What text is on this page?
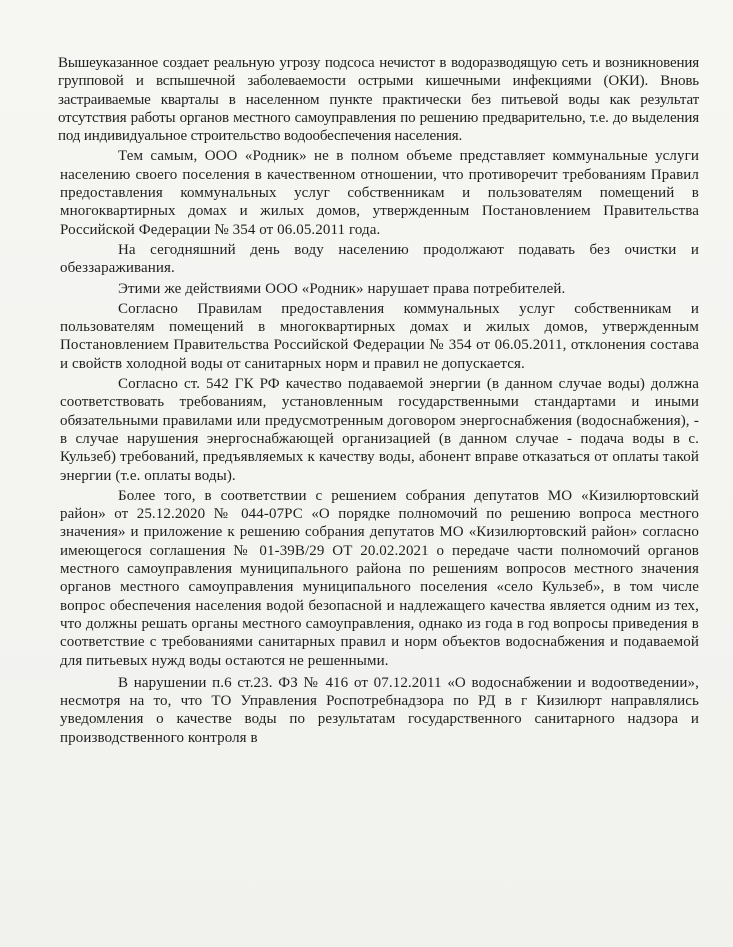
Вышеуказанное создает реальную угрозу подсоса нечистот в водоразводящую сеть и возникновения групповой и вспышечной заболеваемости острыми кишечными инфекциями (ОКИ). Вновь застраиваемые кварталы в населенном пункте практически без питьевой воды как результат отсутствия работы органов местного самоуправления по решению предварительно, т.е. до выделения под индивидуальное строительство водообеспечения населения.

Тем самым, ООО «Родник» не в полном объеме представляет коммунальные услуги населению своего поселения в качественном отношении, что противоречит требованиям Правил предоставления коммунальных услуг собственникам и пользователям помещений в многоквартирных домах и жилых домов, утвержденным Постановлением Правительства Российской Федерации № 354 от 06.05.2011 года.

На сегодняшний день воду населению продолжают подавать без очистки и обеззараживания.

Этими же действиями ООО «Родник» нарушает права потребителей.

Согласно Правилам предоставления коммунальных услуг собственникам и пользователям помещений в многоквартирных домах и жилых домов, утвержденным Постановлением Правительства Российской Федерации № 354 от 06.05.2011, отклонения состава и свойств холодной воды от санитарных норм и правил не допускается.

Согласно ст. 542 ГК РФ качество подаваемой энергии (в данном случае воды) должна соответствовать требованиям, установленным государственными стандартами и иными обязательными правилами или предусмотренным договором энергоснабжения (водоснабжения), - в случае нарушения энергоснабжающей организацией (в данном случае - подача воды в с. Кульзеб) требований, предъявляемых к качеству воды, абонент вправе отказаться от оплаты такой энергии (т.е. оплаты воды).

Более того, в соответствии с решением собрания депутатов МО «Кизилюртовский район» от 25.12.2020 № 044-07РС «О порядке полномочий по решению вопроса местного значения» и приложение к решению собрания депутатов МО «Кизилюртовский район» согласно имеющегося соглашения № 01-39В/29 ОТ 20.02.2021 о передаче части полномочий органов местного самоуправления муниципального района по решениям вопросов местного значения органов местного самоуправления муниципального поселения «село Кульзеб», в том числе вопрос обеспечения населения водой безопасной и надлежащего качества является одним из тех, что должны решать органы местного самоуправления, однако из года в год вопросы приведения в соответствие с требованиями санитарных правил и норм объектов водоснабжения и подаваемой для питьевых нужд воды остаются не решенными.

В нарушении п.6 ст.23. ФЗ № 416 от 07.12.2011 «О водоснабжении и водоотведении», несмотря на то, что ТО Управления Роспотребнадзора по РД в г Кизилюрт направлялись уведомления о качестве воды по результатам государственного санитарного надзора и производственного контроля в
